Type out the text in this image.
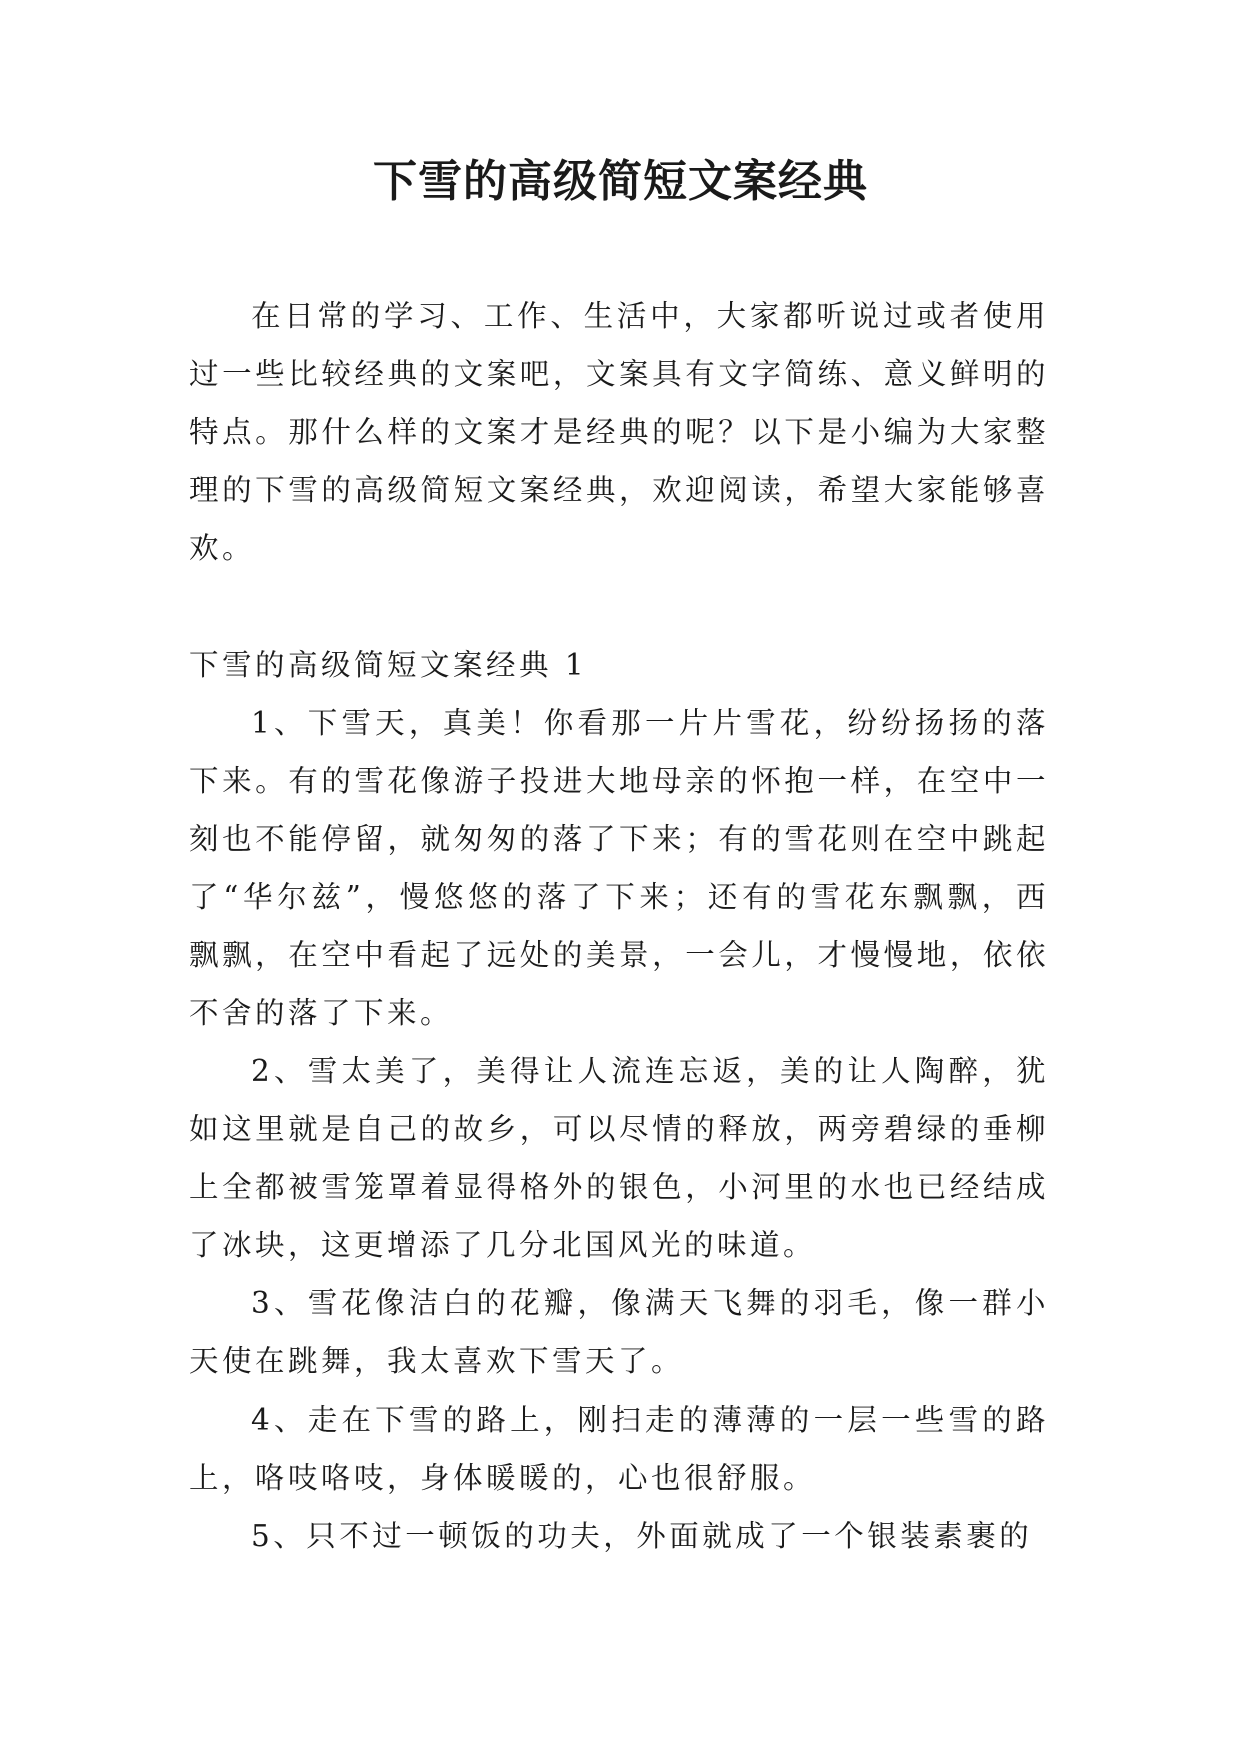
下雪的高级简短文案经典

在日常的学习、工作、生活中，大家都听说过或者使用过一些比较经典的文案吧，文案具有文字简练、意义鲜明的特点。那什么样的文案才是经典的呢？以下是小编为大家整理的下雪的高级简短文案经典，欢迎阅读，希望大家能够喜欢。

下雪的高级简短文案经典 1

1、下雪天，真美！你看那一片片雪花，纷纷扬扬的落下来。有的雪花像游子投进大地母亲的怀抱一样，在空中一刻也不能停留，就匆匆的落了下来；有的雪花则在空中跳起了“华尔兹”，慢悠悠的落了下来；还有的雪花东飘飘，西飘飘，在空中看起了远处的美景，一会儿，才慢慢地，依依不舍的落了下来。

2、雪太美了，美得让人流连忘返，美的让人陶醉，犹如这里就是自己的故乡，可以尽情的释放，两旁碧绿的垂柳上全都被雪笼罩着显得格外的银色，小河里的水也已经结成了冰块，这更增添了几分北国风光的味道。

3、雪花像洁白的花瓣，像满天飞舞的羽毛，像一群小天使在跳舞，我太喜欢下雪天了。

4、走在下雪的路上，刚扫走的薄薄的一层一些雪的路上，咯吱咯吱，身体暖暖的，心也很舒服。

5、只不过一顿饭的功夫，外面就成了一个银装素裹的
